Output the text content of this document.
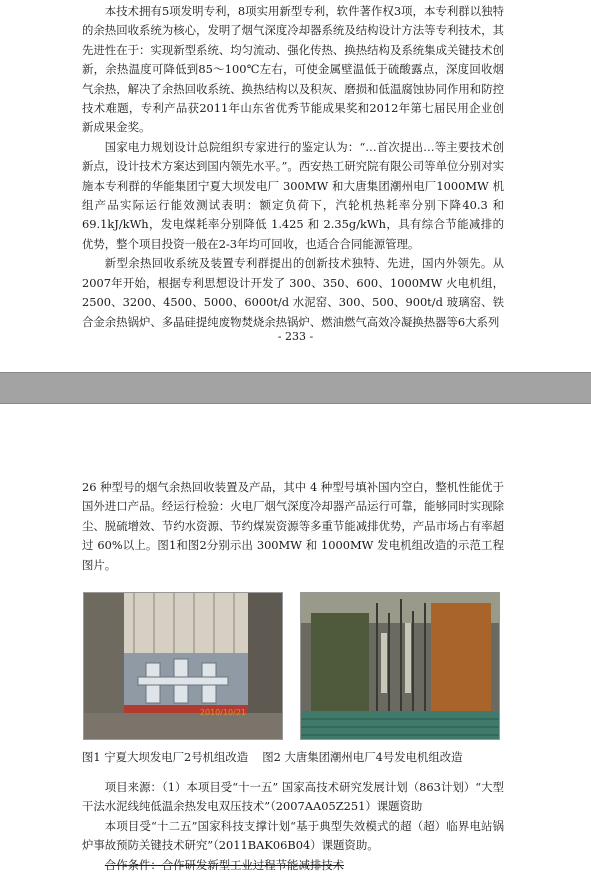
本技术拥有5项发明专利，8项实用新型专利，软件著作权3项，本专利群以独特的余热回收系统为核心，发明了烟气深度冷却器系统及结构设计方法等专利技术，其先进性在于：实现新型系统、均匀流动、强化传热、换热结构及系统集成关键技术创新，余热温度可降低到85～100℃左右，可使金属壁温低于硫酸露点，深度回收烟气余热，解决了余热回收系统、换热结构以及积灰、磨损和低温腐蚀协同作用和防控技术难题，专利产品获2011年山东省优秀节能成果奖和2012年第七届民用企业创新成果金奖。

国家电力规划设计总院组织专家进行的鉴定认为：“…首次提出…等主要技术创新点，设计技术方案达到国内领先水平。”。西安热工研究院有限公司等单位分别对实施本专利群的华能集团宁夏大坝发电厂 300MW 和大唐集团潮州电厂1000MW 机组产品实际运行能效测试表明：额定负荷下，汽轮机热耗率分别下降40.3 和 69.1kJ/kWh，发电煤耗率分别降低 1.425 和 2.35g/kWh，具有综合节能减排的优势，整个项目投资一般在2-3年均可回收，也适合合同能源管理。

新型余热回收系统及装置专利群提出的创新技术独特、先进，国内外领先。从2007年开始，根据专利思想设计开发了 300、350、600、1000MW 火电机组，2500、3200、4500、5000、6000t/d 水泥窑、300、500、900t/d 玻璃窑、铁合金余热锅炉、多晶硅提纯废物焚烧余热锅炉、燃油燃气高效冷凝换热器等6大系列

- 233 -

26 种型号的烟气余热回收装置及产品，其中 4 种型号填补国内空白，整机性能优于国外进口产品。经运行检验：火电厂烟气深度冷却器产品运行可靠，能够同时实现除尘、脱硫增效、节约水资源、节约煤炭资源等多重节能减排优势，产品市场占有率超过 60%以上。图1和图2分别示出 300MW 和 1000MW 发电机组改造的示范工程图片。

2010/10/21
图1 宁夏大坝发电厂2号机组改造 图2 大唐集团潮州电厂4号发电机组改造

项目来源：（1）本项目受“十一五” 国家高技术研究发展计划（863计划）“大型干法水泥线纯低温余热发电双压技术”（2007AA05Z251）课题资助

本项目受“十二五”国家科技支撑计划“基于典型失效模式的超（超）临界电站锅炉事故预防关键技术研究”（2011BAK06B04）课题资助。

合作条件：合作研发新型工业过程节能减排技术
